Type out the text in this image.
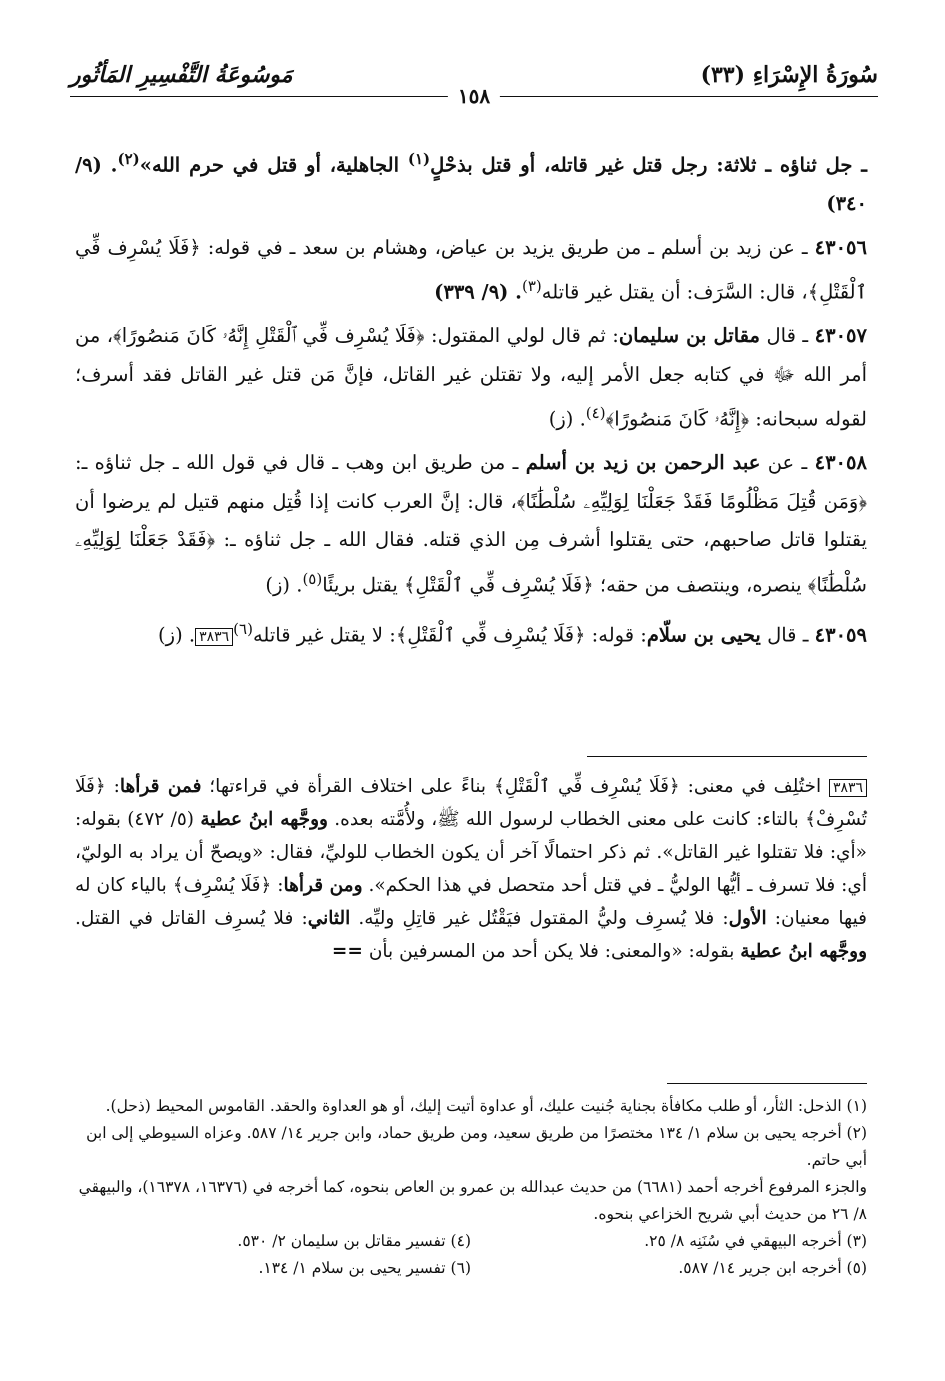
سُورَةُ الإِسْرَاءِ (٣٣)
مَوسُوعَةُ التَّفْسِيرِ المَأثُور
١٥٨

ـ جل ثناؤه ـ ثلاثة: رجل قتل غير قاتله، أو قتل بذحْلٍ$^{(١)}$ الجاهلية، أو قتل في حرم الله»$^{(٢)}$. (٩/ ٣٤٠)

٤٣٠٥٦ ـ عن زيد بن أسلم ـ من طريق يزيد بن عياض، وهشام بن سعد ـ في قوله: ﴿فَلَا يُسْرِف فِّي ٱلْقَتْلِ﴾، قال: السَّرَف: أن يقتل غير قاتله$^{(٣)}$. (٩/ ٣٣٩)

٤٣٠٥٧ ـ قال مقاتل بن سليمان: ثم قال لولي المقتول: ﴿فَلَا يُسْرِف فِّي ٱلْقَتْلِ إِنَّهُۥ كَانَ مَنصُورًا﴾، من أمر الله ﷻ في كتابه جعل الأمر إليه، ولا تقتلن غير القاتل، فإنَّ مَن قتل غير القاتل فقد أسرف؛ لقوله سبحانه: ﴿إِنَّهُۥ كَانَ مَنصُورًا﴾$^{(٤)}$. (ز)

٤٣٠٥٨ ـ عن عبد الرحمن بن زيد بن أسلم ـ من طريق ابن وهب ـ قال في قول الله ـ جل ثناؤه ـ: ﴿وَمَن قُتِلَ مَظْلُومًا فَقَدْ جَعَلْنَا لِوَلِيِّهِۦ سُلْطَٰنًا﴾، قال: إنَّ العرب كانت إذا قُتِل منهم قتيل لم يرضوا أن يقتلوا قاتل صاحبهم، حتى يقتلوا أشرف مِن الذي قتله. فقال الله ـ جل ثناؤه ـ: ﴿فَقَدْ جَعَلْنَا لِوَلِيِّهِۦ سُلْطَٰنًا﴾ ينصره، وينتصف من حقه؛ ﴿فَلَا يُسْرِف فِّي ٱلْقَتْلِ﴾ يقتل بريئًا$^{(٥)}$. (ز)

٤٣٠٥٩ ـ قال يحيى بن سلّام: قوله: ﴿فَلَا يُسْرِف فِّي ٱلْقَتْلِ﴾: لا يقتل غير قاتله$^{(٦)}$٣٨٣٦. (ز)

٣٨٣٦ اختُلِف في معنى: ﴿فَلَا يُسْرِف فِّي ٱلْقَتْلِ﴾ بناءً على اختلاف القرأة في قراءتها؛ فمن قرأها: ﴿فَلَا تُسْرِفْ﴾ بالتاء: كانت على معنى الخطاب لرسول الله ﷺ، ولأُمَّته بعده. ووجَّهه ابنُ عطية (٥/ ٤٧٢) بقوله: «أي: فلا تقتلوا غير القاتل». ثم ذكر احتمالًا آخر أن يكون الخطاب للوليِّ، فقال: «ويصحّ أن يراد به الوليّ، أي: فلا تسرف ـ أيُّها الوليُّ ـ في قتل أحد متحصل في هذا الحكم». ومن قرأها: ﴿فَلَا يُسْرِف﴾ بالياء كان له فيها معنيان: الأول: فلا يُسرِف وليُّ المقتول فيَقْتُل غير قاتِلِ وليِّه. الثاني: فلا يُسرِف القاتل في القتل. ووجَّهه ابنُ عطية بقوله: «والمعنى: فلا يكن أحد من المسرفين بأن ==

(١) الذحل: الثأر، أو طلب مكافأة بجناية جُنيت عليك، أو عداوة أتيت إليك، أو هو العداوة والحقد. القاموس المحيط (ذحل).

(٢) أخرجه يحيى بن سلام ١/ ١٣٤ مختصرًا من طريق سعيد، ومن طريق حماد، وابن جرير ١٤/ ٥٨٧. وعزاه السيوطي إلى ابن أبي حاتم.

والجزء المرفوع أخرجه أحمد (٦٦٨١) من حديث عبدالله بن عمرو بن العاص بنحوه، كما أخرجه في (١٦٣٧٦، ١٦٣٧٨)، والبيهقي ٨/ ٢٦ من حديث أبي شريح الخزاعي بنحوه.

(٣) أخرجه البيهقي في سُنَنِه ٨/ ٢٥.
(٤) تفسير مقاتل بن سليمان ٢/ ٥٣٠.

(٥) أخرجه ابن جرير ١٤/ ٥٨٧.
(٦) تفسير يحيى بن سلام ١/ ١٣٤.
